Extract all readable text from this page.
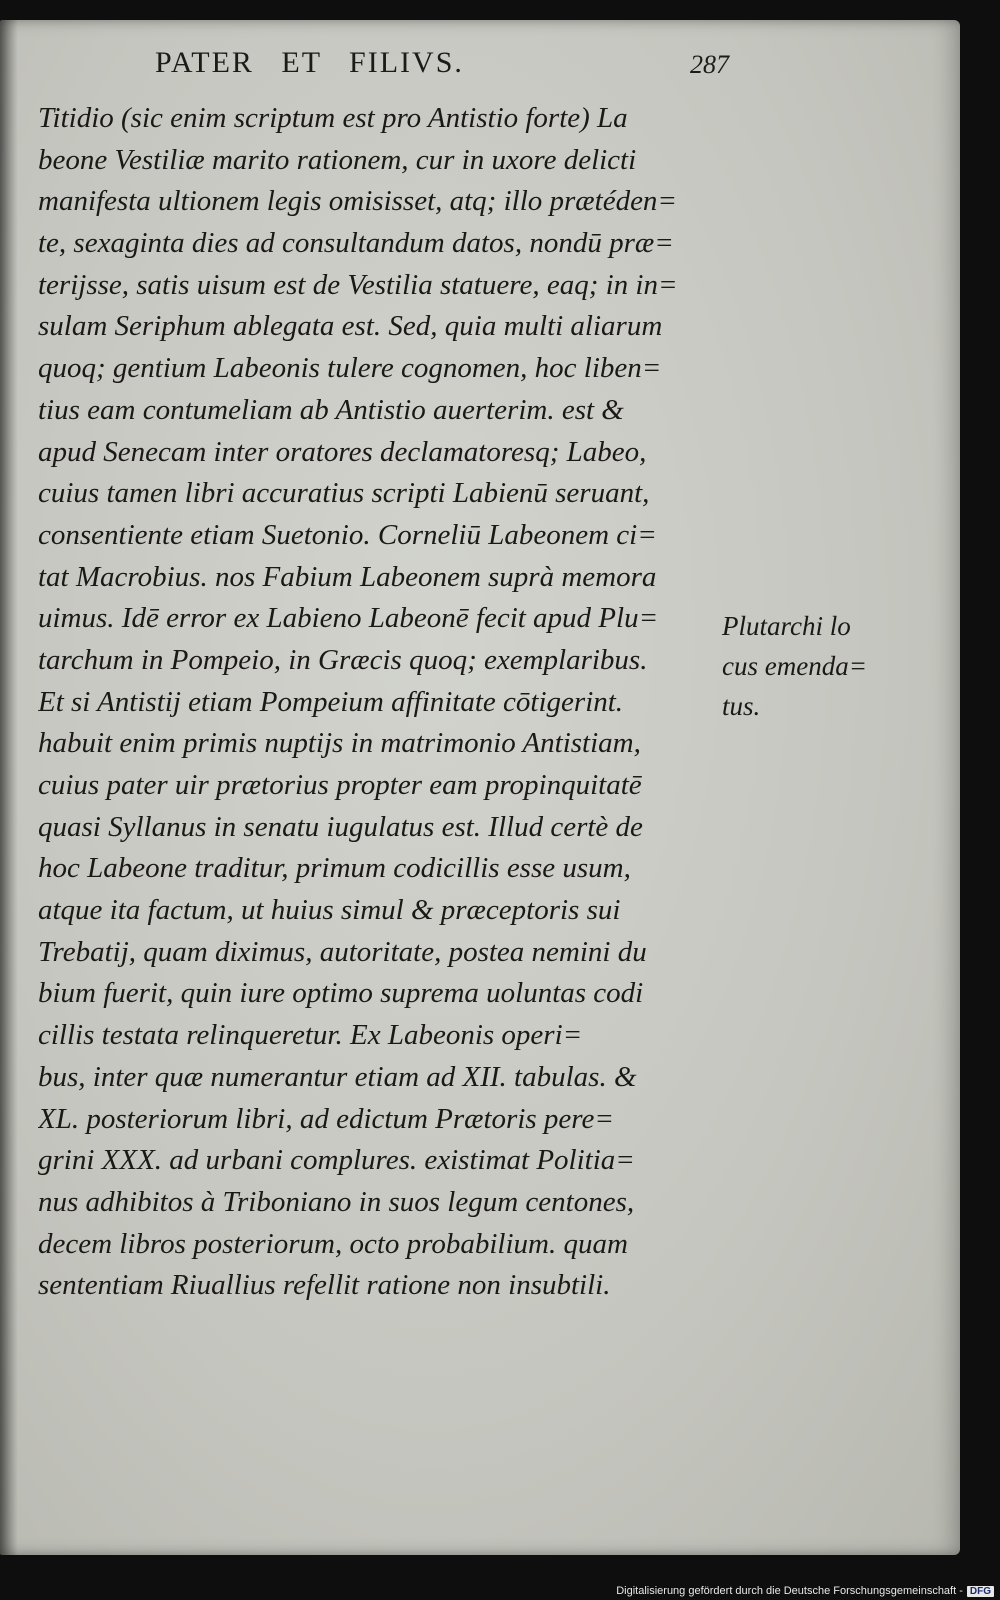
PATER ET FILIVS.	287
Titidio (sic enim scriptum est pro Antistio forte) La
beone Vestiliæ marito rationem, cur in uxore delicti
manifesta ultionem legis omisisset, atq; illo prætéden=
te, sexaginta dies ad consultandum datos, nondū præ=
terijsse, satis uisum est de Vestilia statuere, eaq; in in=
sulam Seriphum ablegata est. Sed, quia multi aliarum
quoq; gentium Labeonis tulere cognomen, hoc liben=
tius eam contumeliam ab Antistio auerterim. est &
apud Senecam inter oratores declamatoresq; Labeo,
cuius tamen libri accuratius scripti Labienū seruant,
consentiente etiam Suetonio. Corneliū Labeonem ci=
tat Macrobius. nos Fabium Labeonem suprà memora
uimus. Idē error ex Labieno Labeonē fecit apud Plu=
tarchum in Pompeio, in Græcis quoq; exemplaribus.
Et si Antistij etiam Pompeium affinitate cōtigerint.
habuit enim primis nuptijs in matrimonio Antistiam,
cuius pater uir prætorius propter eam propinquitatē
quasi Syllanus in senatu iugulatus est. Illud certè de
hoc Labeone traditur, primum codicillis esse usum,
atque ita factum, ut huius simul & præceptoris sui
Trebatij, quam diximus, autoritate, postea nemini du
bium fuerit, quin iure optimo suprema uoluntas codi
cillis testata relinqueretur. Ex Labeonis operi=
bus, inter quæ numerantur etiam ad XII. tabulas. &
XL. posteriorum libri, ad edictum Prætoris pere=
grini XXX. ad urbani complures. existimat Politia=
nus adhibitos à Triboniano in suos legum centones,
decem libros posteriorum, octo probabilium. quam
sententiam Riuallius refellit ratione non insubtili.
Plutarchi lo
cus emenda=
tus.
Digitalisierung gefördert durch die Deutsche Forschungsgemeinschaft - DFG
